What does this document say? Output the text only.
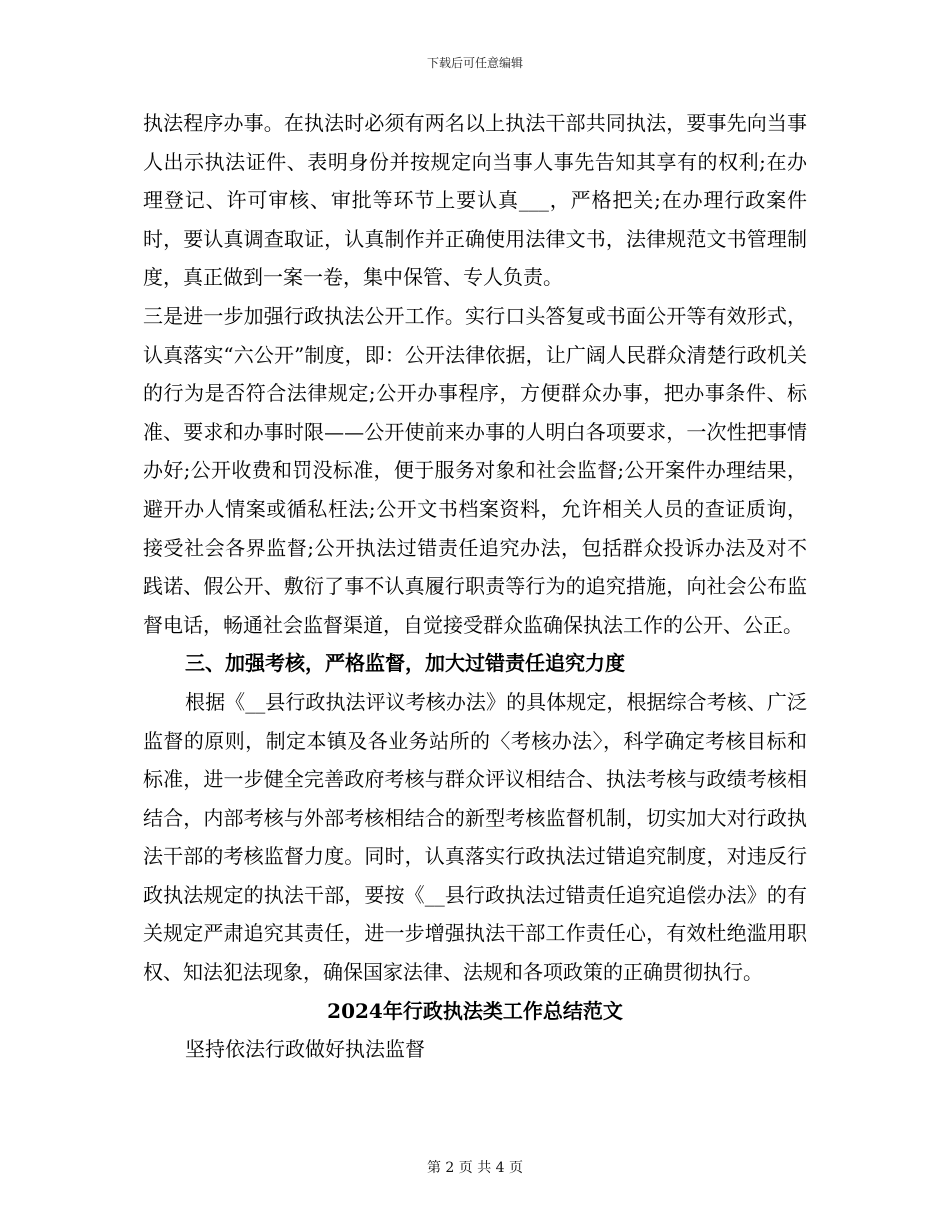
下载后可任意编辑

执法程序办事。在执法时必须有两名以上执法干部共同执法，要事先向当事人出示执法证件、表明身份并按规定向当事人事先告知其享有的权利;在办理登记、许可审核、审批等环节上要认真___，严格把关;在办理行政案件时，要认真调查取证，认真制作并正确使用法律文书，法律规范文书管理制度，真正做到一案一卷，集中保管、专人负责。

三是进一步加强行政执法公开工作。实行口头答复或书面公开等有效形式，认真落实“六公开”制度，即：公开法律依据，让广阔人民群众清楚行政机关的行为是否符合法律规定;公开办事程序，方便群众办事，把办事条件、标准、要求和办事时限——公开使前来办事的人明白各项要求，一次性把事情办好;公开收费和罚没标准，便于服务对象和社会监督;公开案件办理结果，避开办人情案或循私枉法;公开文书档案资料，允许相关人员的查证质询，接受社会各界监督;公开执法过错责任追究办法，包括群众投诉办法及对不践诺、假公开、敷衍了事不认真履行职责等行为的追究措施，向社会公布监督电话，畅通社会监督渠道，自觉接受群众监确保执法工作的公开、公正。

三、加强考核，严格监督，加大过错责任追究力度

根据《__县行政执法评议考核办法》的具体规定，根据综合考核、广泛监督的原则，制定本镇及各业务站所的〈考核办法〉，科学确定考核目标和标准，进一步健全完善政府考核与群众评议相结合、执法考核与政绩考核相结合，内部考核与外部考核相结合的新型考核监督机制，切实加大对行政执法干部的考核监督力度。同时，认真落实行政执法过错追究制度，对违反行政执法规定的执法干部，要按《__县行政执法过错责任追究追偿办法》的有关规定严肃追究其责任，进一步增强执法干部工作责任心，有效杜绝滥用职权、知法犯法现象，确保国家法律、法规和各项政策的正确贯彻执行。

2024年行政执法类工作总结范文

坚持依法行政做好执法监督

第 2 页 共 4 页
